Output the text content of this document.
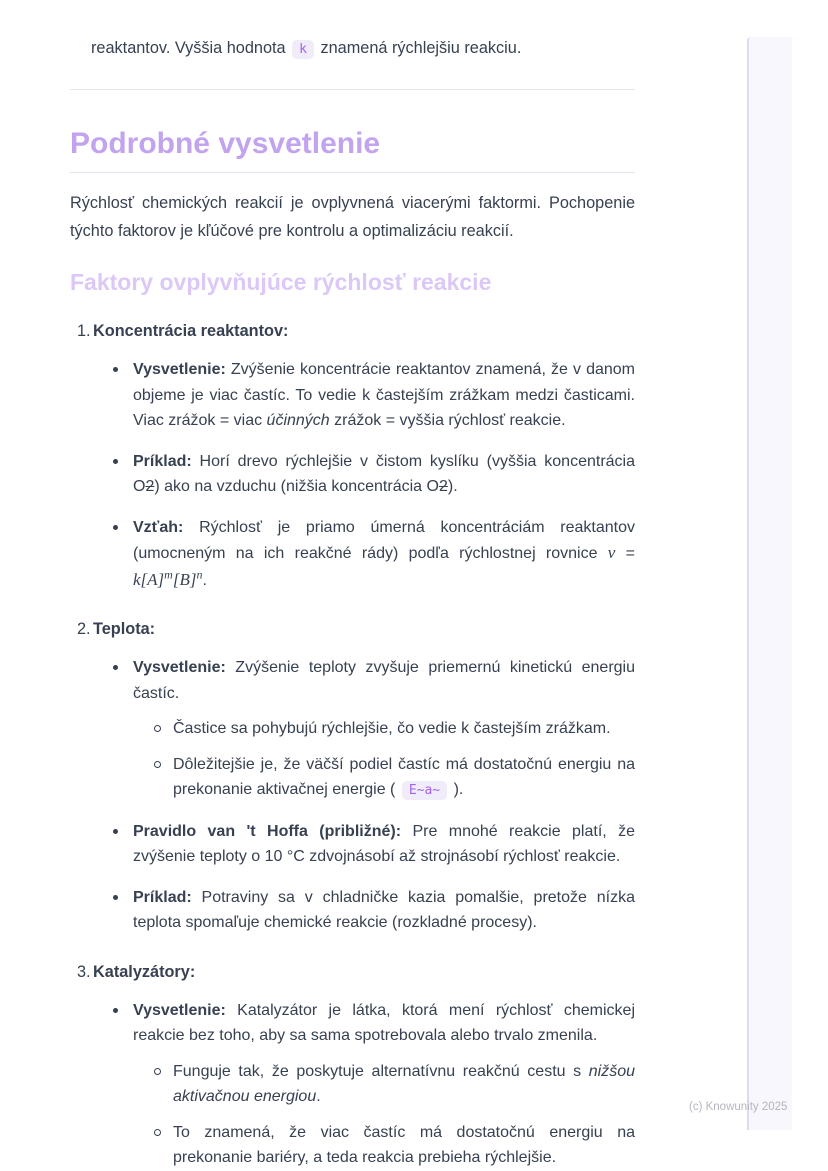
reaktantov. Vyššia hodnota k znamená rýchlejšiu reakciu.

Podrobné vysvetlenie

Rýchlosť chemických reakcií je ovplyvnená viacerými faktormi. Pochopenie týchto faktorov je kľúčové pre kontrolu a optimalizáciu reakcií.

Faktory ovplyvňujúce rýchlosť reakcie
1. Koncentrácia reaktantov:

Vysvetlenie: Zvýšenie koncentrácie reaktantov znamená, že v danom objeme je viac častíc. To vedie k častejším zrážkam medzi časticami. Viac zrážok = viac účinných zrážok = vyššia rýchlosť reakcie.

Príklad: Horí drevo rýchlejšie v čistom kyslíku (vyššia koncentrácia O2) ako na vzduchu (nižšia koncentrácia O2).

Vzťah: Rýchlosť je priamo úmerná koncentráciám reaktantov (umocneným na ich reakčné rády) podľa rýchlostnej rovnice $v = k[A]^m[B]^n$.

2. Teplota:

Vysvetlenie: Zvýšenie teploty zvyšuje priemernú kinetickú energiu častíc.

Častice sa pohybujú rýchlejšie, čo vedie k častejším zrážkam.

Dôležitejšie je, že väčší podiel častíc má dostatočnú energiu na prekonanie aktivačnej energie ( E~a~ ).

Pravidlo van 't Hoffa (približné): Pre mnohé reakcie platí, že zvýšenie teploty o 10 °C zdvojnásobí až strojnásobí rýchlosť reakcie.

Príklad: Potraviny sa v chladničke kazia pomalšie, pretože nízka teplota spomaľuje chemické reakcie (rozkladné procesy).

3. Katalyzátory:

Vysvetlenie: Katalyzátor je látka, ktorá mení rýchlosť chemickej reakcie bez toho, aby sa sama spotrebovala alebo trvalo zmenila.

Funguje tak, že poskytuje alternatívnu reakčnú cestu s nižšou aktivačnou energiou.

To znamená, že viac častíc má dostatočnú energiu na prekonanie bariéry, a teda reakcia prebieha rýchlejšie.

(c) Knowunity 2025
